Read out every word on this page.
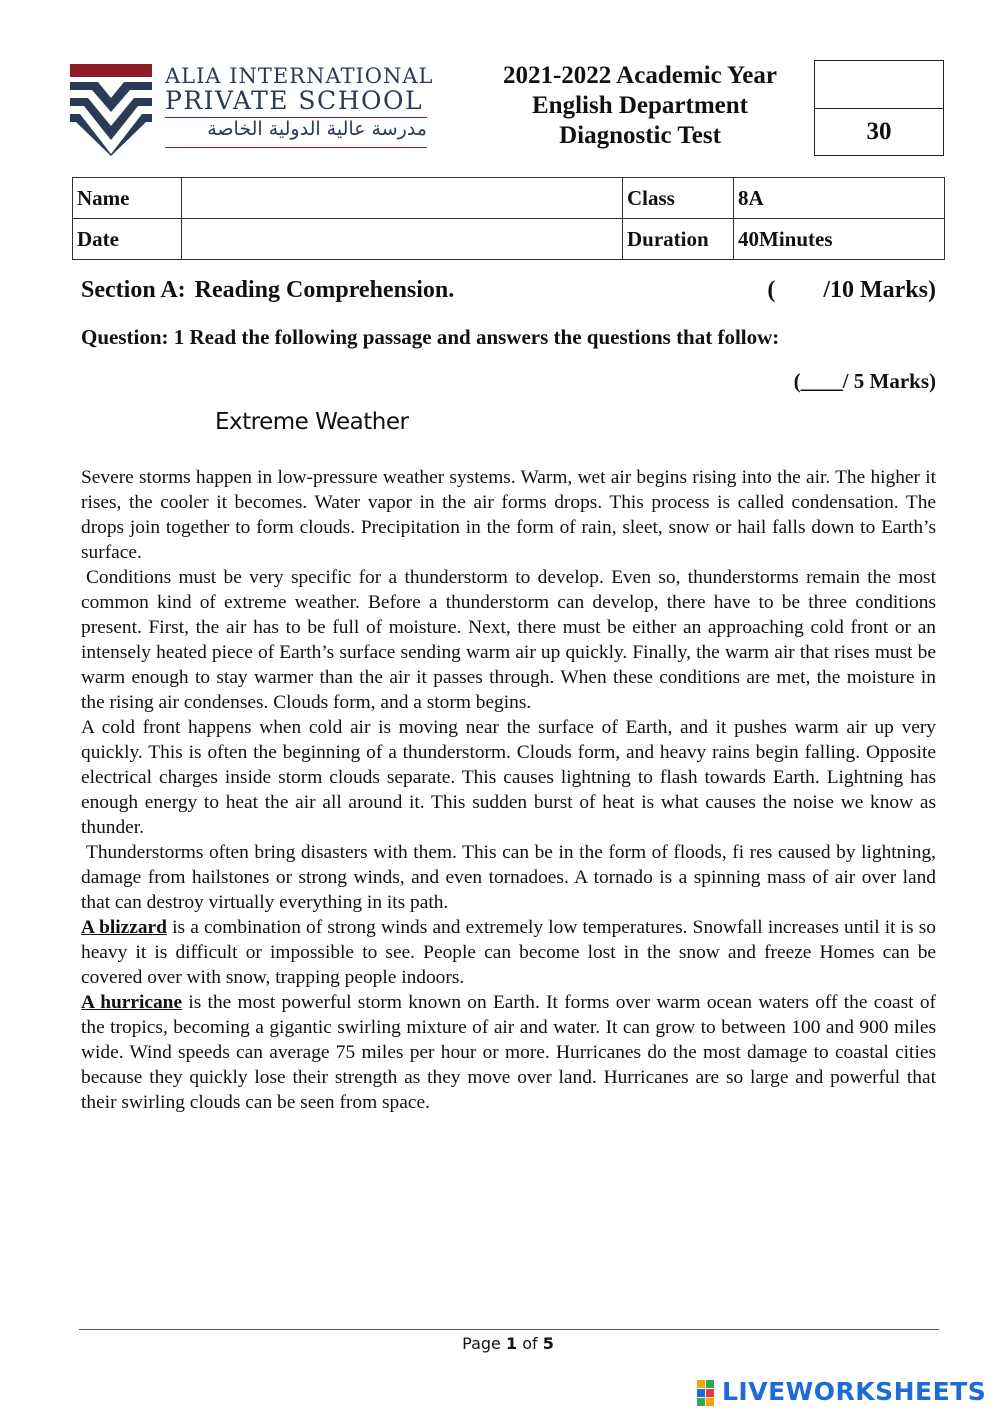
ALIA INTERNATIONAL
PRIVATE SCHOOL
مدرسة عالية الدولية الخاصة
2021-2022 Academic Year
English Department
Diagnostic Test	30
Name		Class	8A
Date		Duration	40Minutes
Section A: Reading Comprehension.	(        /10 Marks)
Question: 1 Read the following passage and answers the questions that follow:
(____/ 5 Marks)
Extreme Weather

Severe storms happen in low-pressure weather systems. Warm, wet air begins rising into the air. The higher it rises, the cooler it becomes. Water vapor in the air forms drops. This process is called condensation. The drops join together to form clouds. Precipitation in the form of rain, sleet, snow or hail falls down to Earth’s surface.

Conditions must be very specific for a thunderstorm to develop. Even so, thunderstorms remain the most common kind of extreme weather. Before a thunderstorm can develop, there have to be three conditions present. First, the air has to be full of moisture. Next, there must be either an approaching cold front or an intensely heated piece of Earth’s surface sending warm air up quickly. Finally, the warm air that rises must be warm enough to stay warmer than the air it passes through. When these conditions are met, the moisture in the rising air condenses. Clouds form, and a storm begins.

A cold front happens when cold air is moving near the surface of Earth, and it pushes warm air up very quickly. This is often the beginning of a thunderstorm. Clouds form, and heavy rains begin falling. Opposite electrical charges inside storm clouds separate. This causes lightning to flash towards Earth. Lightning has enough energy to heat the air all around it. This sudden burst of heat is what causes the noise we know as thunder.

Thunderstorms often bring disasters with them. This can be in the form of floods, fi res caused by lightning, damage from hailstones or strong winds, and even tornadoes. A tornado is a spinning mass of air over land that can destroy virtually everything in its path.

A blizzard is a combination of strong winds and extremely low temperatures. Snowfall increases until it is so heavy it is difficult or impossible to see. People can become lost in the snow and freeze Homes can be covered over with snow, trapping people indoors.

A hurricane is the most powerful storm known on Earth. It forms over warm ocean waters off the coast of the tropics, becoming a gigantic swirling mixture of air and water. It can grow to between 100 and 900 miles wide. Wind speeds can average 75 miles per hour or more. Hurricanes do the most damage to coastal cities because they quickly lose their strength as they move over land. Hurricanes are so large and powerful that their swirling clouds can be seen from space.

Page 1 of 5
LIVEWORKSHEETS
